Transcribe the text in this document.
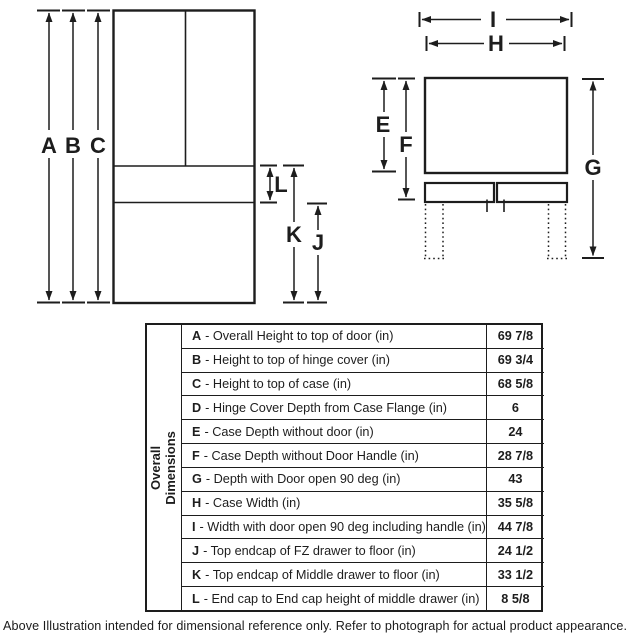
A B C
L
K J
I
H
E
F
G
Overall Dimensions
A - Overall Height to top of door (in)	69 7/8
B - Height to top of hinge cover (in)	69 3/4
C - Height to top of case (in)	68 5/8
D - Hinge Cover Depth from Case Flange (in)	6
E - Case Depth without door (in)	24
F - Case Depth without Door Handle (in)	28 7/8
G - Depth with Door open 90 deg (in)	43
H - Case Width (in)	35 5/8
I - Width with door open 90 deg including handle (in) 44 7/8
J - Top endcap of FZ drawer to floor (in)	24 1/2
K - Top endcap of Middle drawer to floor (in)	33 1/2
L - End cap to End cap height of middle drawer (in)	8 5/8
Above Illustration intended for dimensional reference only. Refer to photograph for actual product appearance.
